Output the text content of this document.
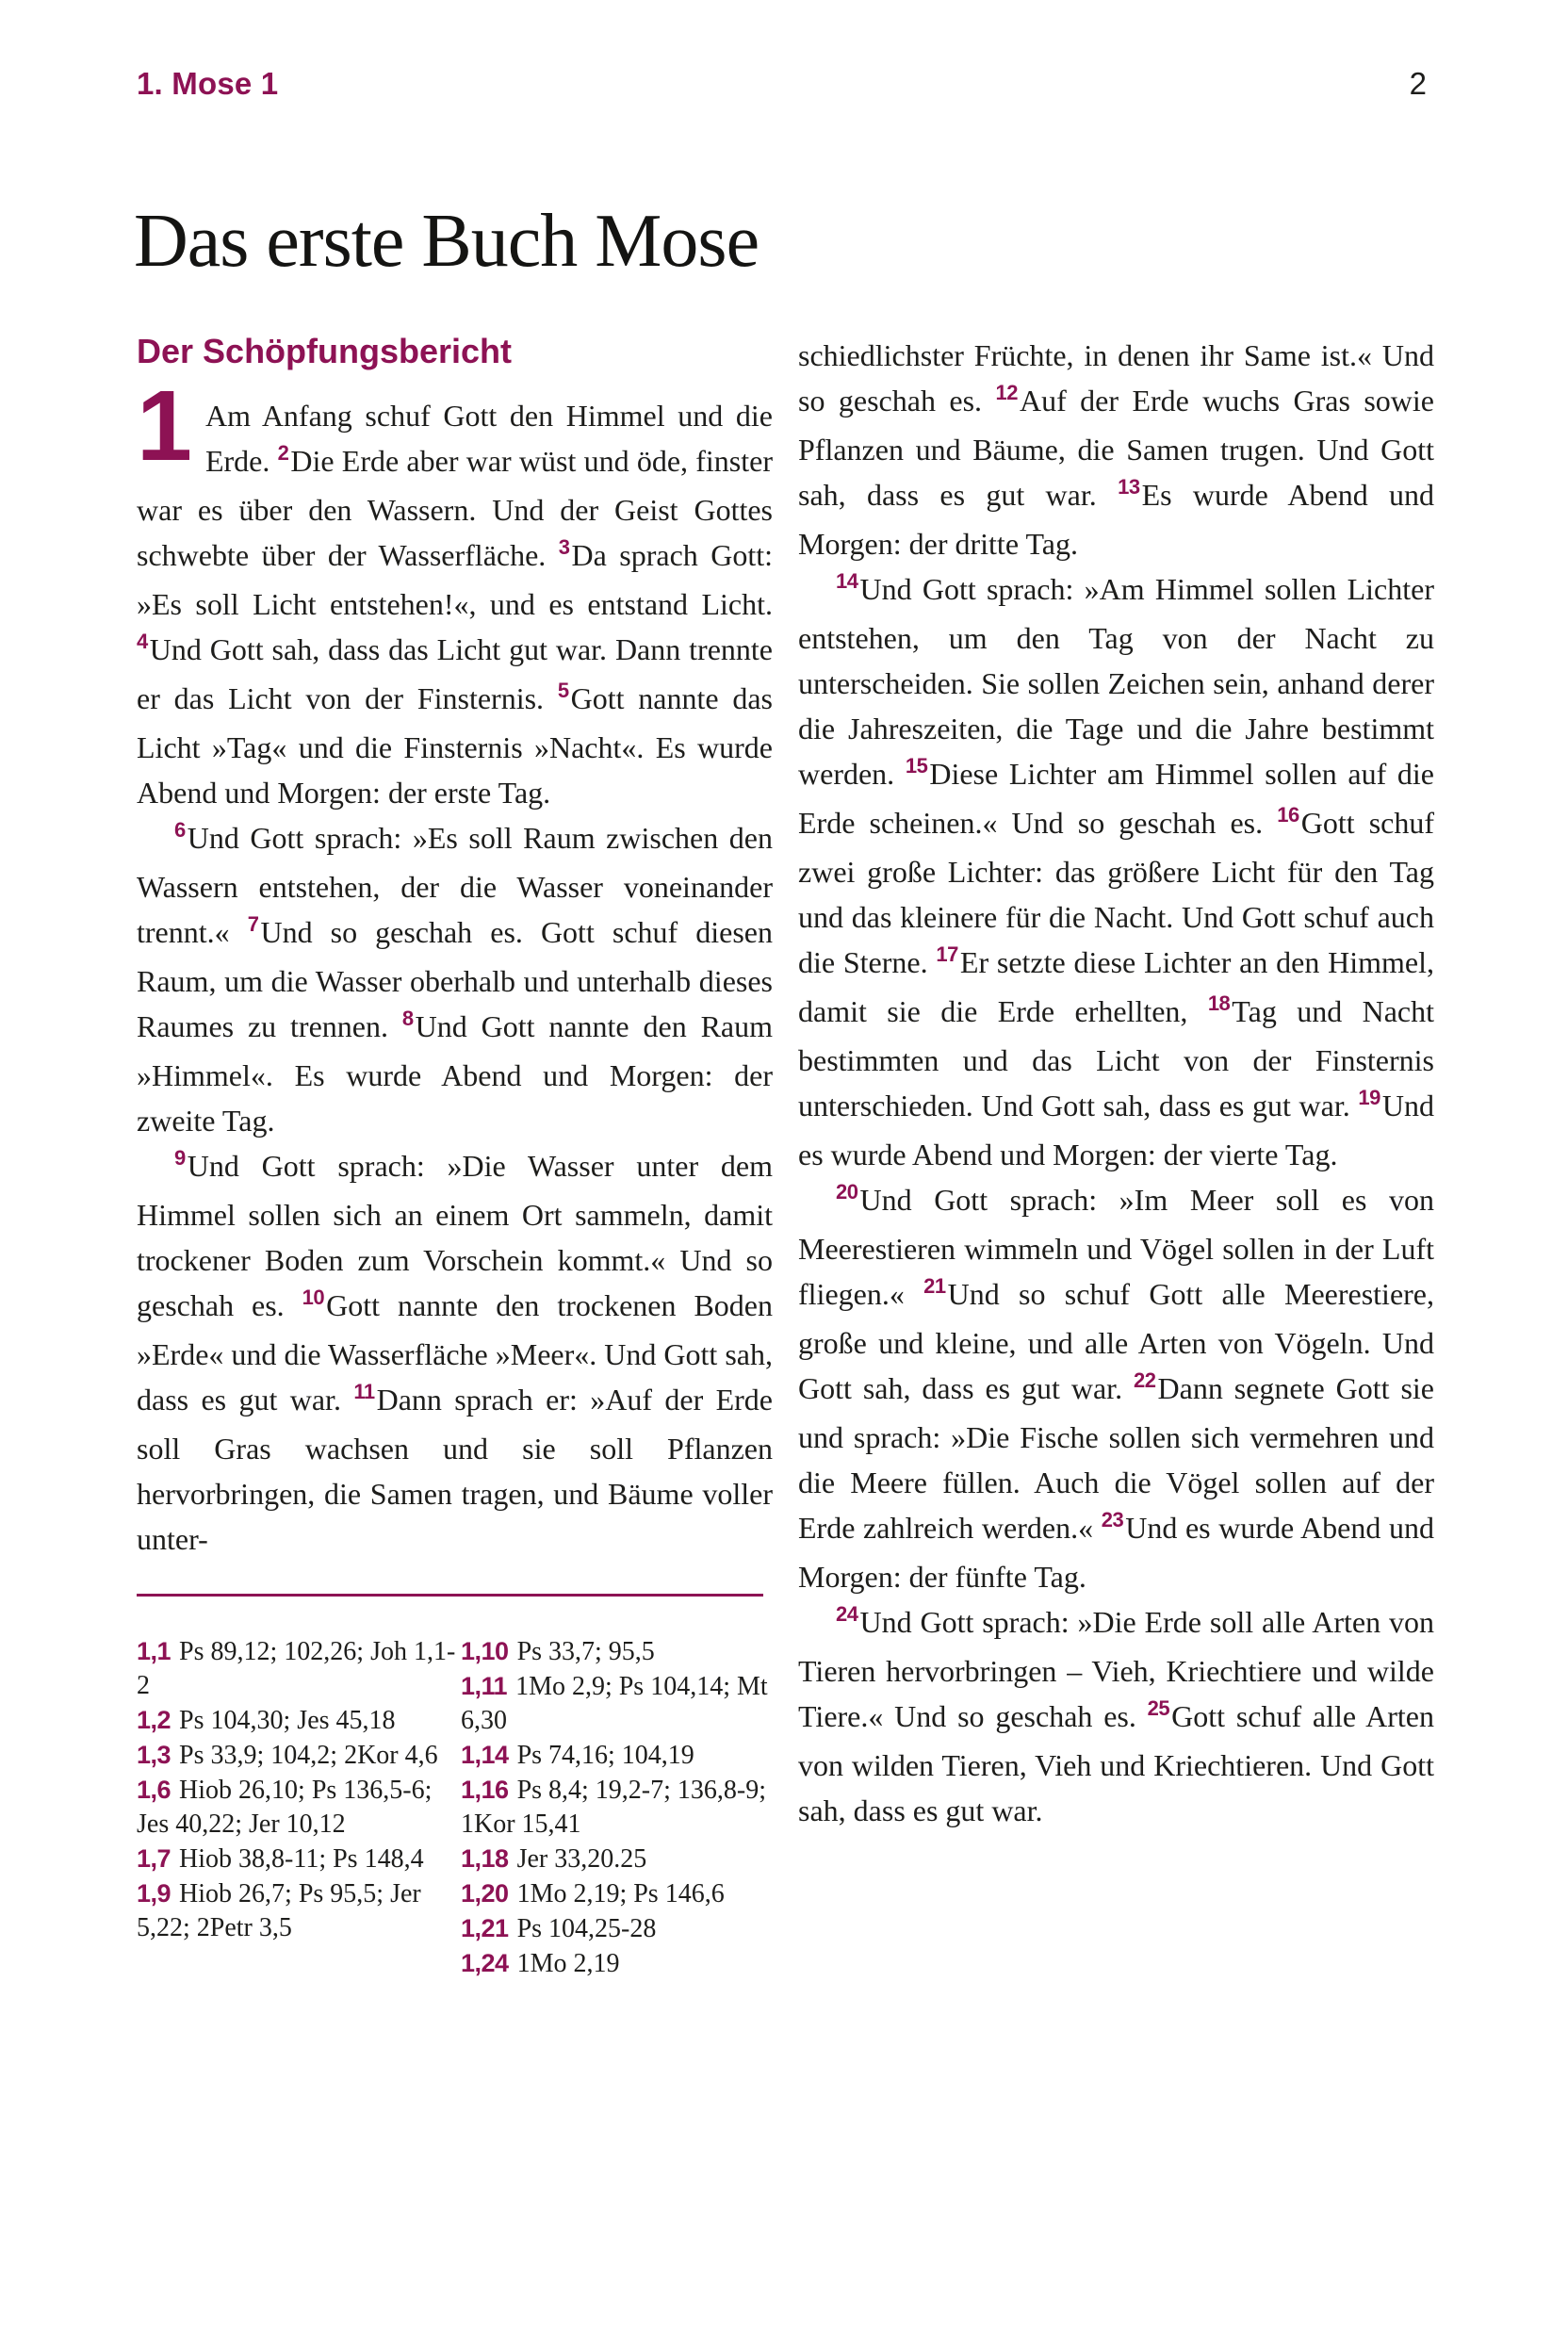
1. Mose 1	2
Das erste Buch Mose
Der Schöpfungsbericht

1 Am Anfang schuf Gott den Himmel und die Erde. $^2$Die Erde aber war wüst und öde, finster war es über den Wassern. Und der Geist Gottes schwebte über der Wasserfläche. $^3$Da sprach Gott: »Es soll Licht entstehen!«, und es entstand Licht. $^4$Und Gott sah, dass das Licht gut war. Dann trennte er das Licht von der Finsternis. $^5$Gott nannte das Licht »Tag« und die Finsternis »Nacht«. Es wurde Abend und Morgen: der erste Tag.

$^6$Und Gott sprach: »Es soll Raum zwischen den Wassern entstehen, der die Wasser voneinander trennt.« $^7$Und so geschah es. Gott schuf diesen Raum, um die Wasser oberhalb und unterhalb dieses Raumes zu trennen. $^8$Und Gott nannte den Raum »Himmel«. Es wurde Abend und Morgen: der zweite Tag.

$^9$Und Gott sprach: »Die Wasser unter dem Himmel sollen sich an einem Ort sammeln, damit trockener Boden zum Vorschein kommt.« Und so geschah es. $^{10}$Gott nannte den trockenen Boden »Erde« und die Wasserfläche »Meer«. Und Gott sah, dass es gut war. $^{11}$Dann sprach er: »Auf der Erde soll Gras wachsen und sie soll Pflanzen hervorbringen, die Samen tragen, und Bäume voller unter-

1,1 Ps 89,12; 102,26; Joh 1,1-2
1,2 Ps 104,30; Jes 45,18
1,3 Ps 33,9; 104,2; 2Kor 4,6
1,6 Hiob 26,10; Ps 136,5-6; Jes 40,22; Jer 10,12
1,7 Hiob 38,8-11; Ps 148,4
1,9 Hiob 26,7; Ps 95,5; Jer 5,22; 2Petr 3,5
1,10 Ps 33,7; 95,5
1,11 1Mo 2,9; Ps 104,14; Mt 6,30
1,14 Ps 74,16; 104,19
1,16 Ps 8,4; 19,2-7; 136,8-9; 1Kor 15,41
1,18 Jer 33,20.25
1,20 1Mo 2,19; Ps 146,6
1,21 Ps 104,25-28
1,24 1Mo 2,19

schiedlichster Früchte, in denen ihr Same ist.« Und so geschah es. $^{12}$Auf der Erde wuchs Gras sowie Pflanzen und Bäume, die Samen trugen. Und Gott sah, dass es gut war. $^{13}$Es wurde Abend und Morgen: der dritte Tag.

$^{14}$Und Gott sprach: »Am Himmel sollen Lichter entstehen, um den Tag von der Nacht zu unterscheiden. Sie sollen Zeichen sein, anhand derer die Jahreszeiten, die Tage und die Jahre bestimmt werden. $^{15}$Diese Lichter am Himmel sollen auf die Erde scheinen.« Und so geschah es. $^{16}$Gott schuf zwei große Lichter: das größere Licht für den Tag und das kleinere für die Nacht. Und Gott schuf auch die Sterne. $^{17}$Er setzte diese Lichter an den Himmel, damit sie die Erde erhellten, $^{18}$Tag und Nacht bestimmten und das Licht von der Finsternis unterschieden. Und Gott sah, dass es gut war. $^{19}$Und es wurde Abend und Morgen: der vierte Tag.

$^{20}$Und Gott sprach: »Im Meer soll es von Meerestieren wimmeln und Vögel sollen in der Luft fliegen.« $^{21}$Und so schuf Gott alle Meerestiere, große und kleine, und alle Arten von Vögeln. Und Gott sah, dass es gut war. $^{22}$Dann segnete Gott sie und sprach: »Die Fische sollen sich vermehren und die Meere füllen. Auch die Vögel sollen auf der Erde zahlreich werden.« $^{23}$Und es wurde Abend und Morgen: der fünfte Tag.

$^{24}$Und Gott sprach: »Die Erde soll alle Arten von Tieren hervorbringen – Vieh, Kriechtiere und wilde Tiere.« Und so geschah es. $^{25}$Gott schuf alle Arten von wilden Tieren, Vieh und Kriechtieren. Und Gott sah, dass es gut war.
